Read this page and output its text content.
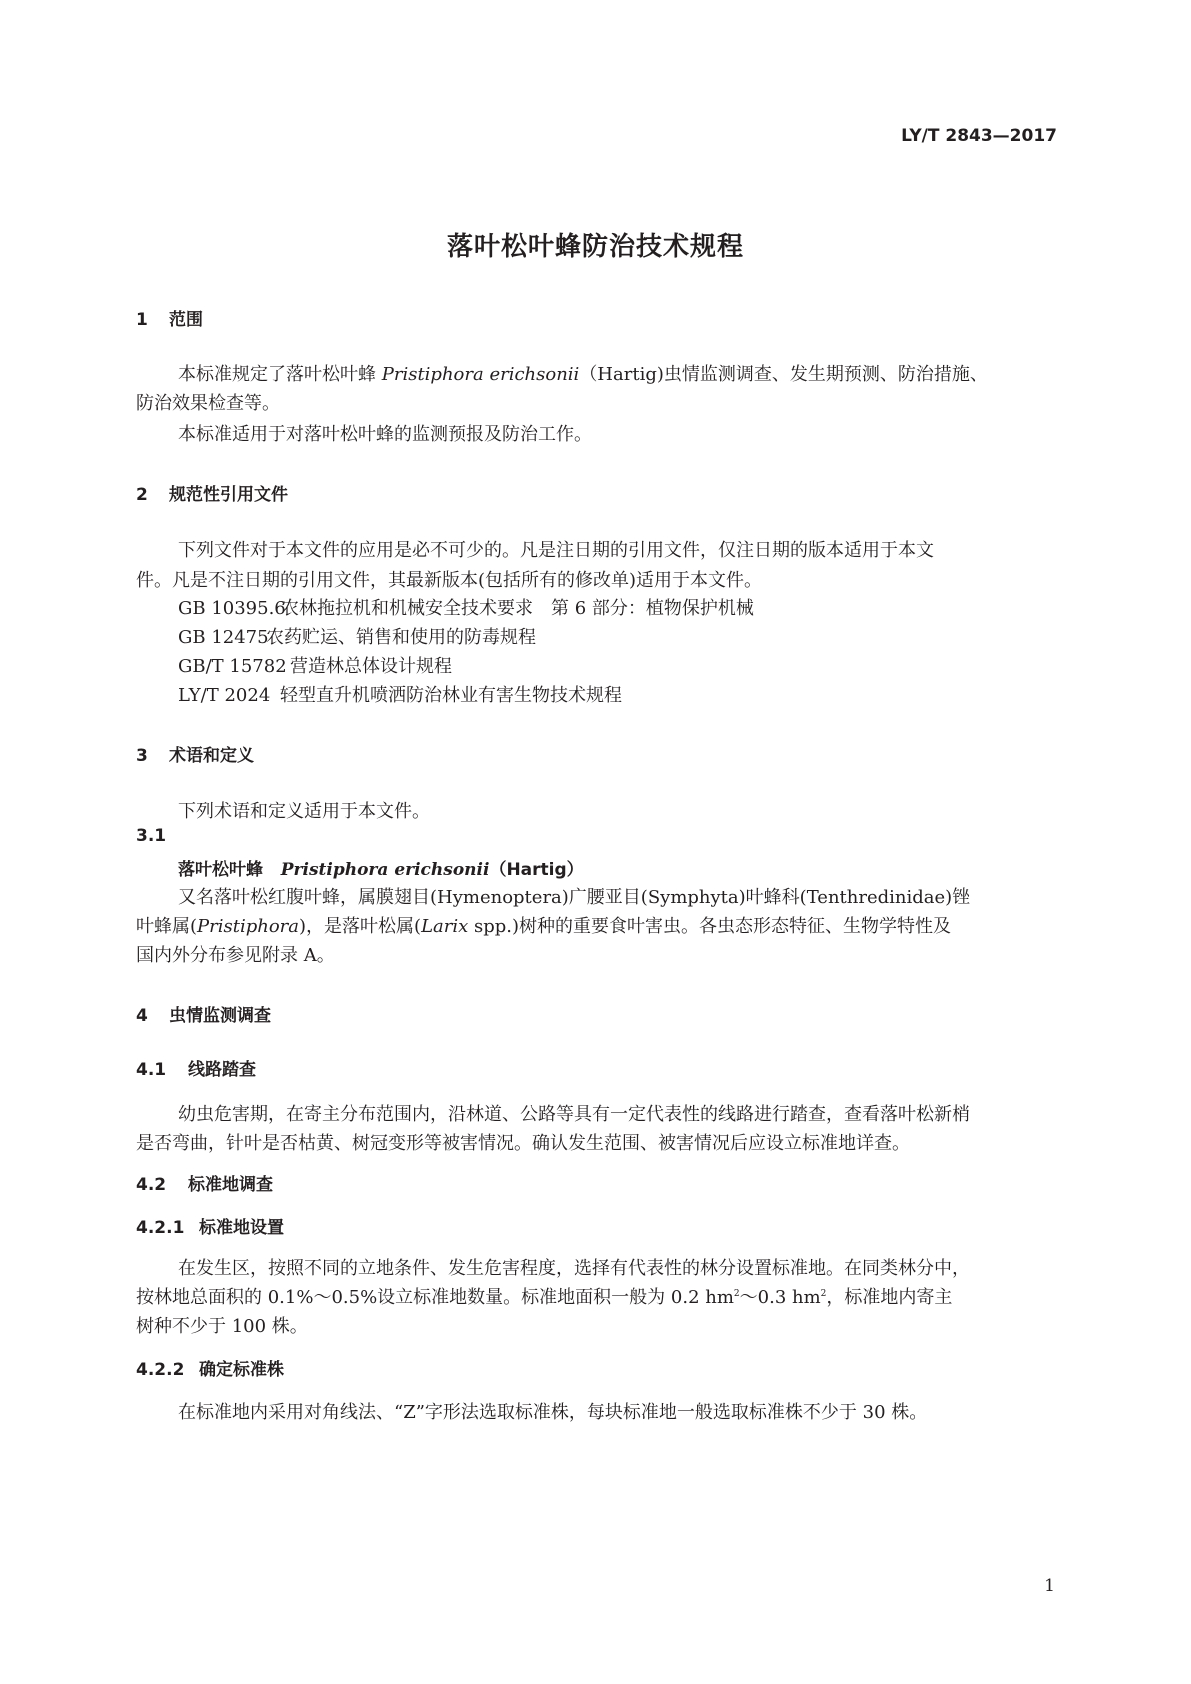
LY/T 2843—2017
落叶松叶蜂防治技术规程
1 范围
本标准规定了落叶松叶蜂 Pristiphora erichsonii（Hartig)虫情监测调查、发生期预测、防治措施、
防治效果检查等。
本标准适用于对落叶松叶蜂的监测预报及防治工作。
2 规范性引用文件
下列文件对于本文件的应用是必不可少的。凡是注日期的引用文件，仅注日期的版本适用于本文
件。凡是不注日期的引用文件，其最新版本(包括所有的修改单)适用于本文件。
GB 10395.6农林拖拉机和机械安全技术要求　第 6 部分：植物保护机械
GB 12475农药贮运、销售和使用的防毒规程
GB/T 15782 营造林总体设计规程
LY/T 2024 轻型直升机喷洒防治林业有害生物技术规程
3 术语和定义
下列术语和定义适用于本文件。
3.1
落叶松叶蜂 Pristiphora erichsonii（Hartig）
又名落叶松红腹叶蜂，属膜翅目(Hymenoptera)广腰亚目(Symphyta)叶蜂科(Tenthredinidae)锉
叶蜂属(Pristiphora)，是落叶松属(Larix spp.)树种的重要食叶害虫。各虫态形态特征、生物学特性及
国内外分布参见附录 A。
4 虫情监测调查
4.1 线路踏查
幼虫危害期，在寄主分布范围内，沿林道、公路等具有一定代表性的线路进行踏查，查看落叶松新梢
是否弯曲，针叶是否枯黄、树冠变形等被害情况。确认发生范围、被害情况后应设立标准地详查。
4.2 标准地调查
4.2.1 标准地设置
在发生区，按照不同的立地条件、发生危害程度，选择有代表性的林分设置标准地。在同类林分中，
按林地总面积的 0.1%～0.5%设立标准地数量。标准地面积一般为 0.2 $hm^2\sim 0.3$ $hm^2$，标准地内寄主
树种不少于 100 株。
4.2.2 确定标准株
在标准地内采用对角线法、“Z”字形法选取标准株，每块标准地一般选取标准株不少于 30 株。
1
